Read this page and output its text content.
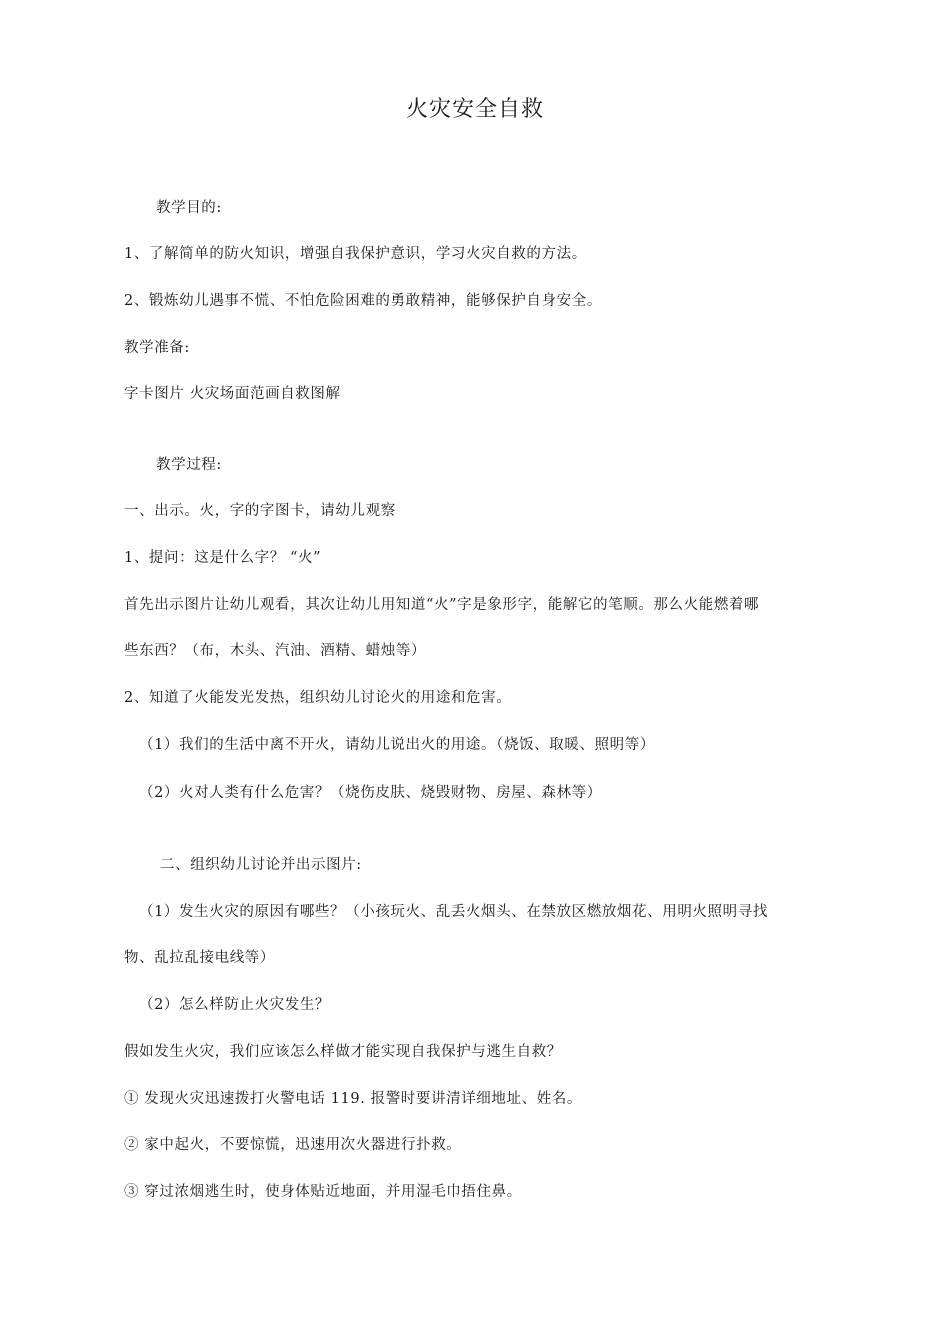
火灾安全自救
教学目的:
1、了解简单的防火知识，增强自我保护意识，学习火灾自救的方法。
2、锻炼幼儿遇事不慌、不怕危险困难的勇敢精神，能够保护自身安全。
教学准备:
字卡图片 火灾场面范画自救图解
教学过程:
一、出示。火，字的字图卡，请幼儿观察
1、提问：这是什么字？ “火”
首先出示图片让幼儿观看，其次让幼儿用知道“火”字是象形字，能解它的笔顺。那么火能燃着哪
些东西？（布，木头、汽油、酒精、蜡烛等）
2、知道了火能发光发热，组织幼儿讨论火的用途和危害。
（1）我们的生活中离不开火，请幼儿说出火的用途。（烧饭、取暖、照明等）
（2）火对人类有什么危害？（烧伤皮肤、烧毁财物、房屋、森林等）
二、组织幼儿讨论并出示图片:
（1）发生火灾的原因有哪些？（小孩玩火、乱丢火烟头、在禁放区燃放烟花、用明火照明寻找
物、乱拉乱接电线等）
（2）怎么样防止火灾发生？
假如发生火灾，我们应该怎么样做才能实现自我保护与逃生自救？
① 发现火灾迅速拨打火警电话 119. 报警时要讲清详细地址、姓名。
② 家中起火，不要惊慌，迅速用次火器进行扑救。
③ 穿过浓烟逃生时，使身体贴近地面，并用湿毛巾捂住鼻。
